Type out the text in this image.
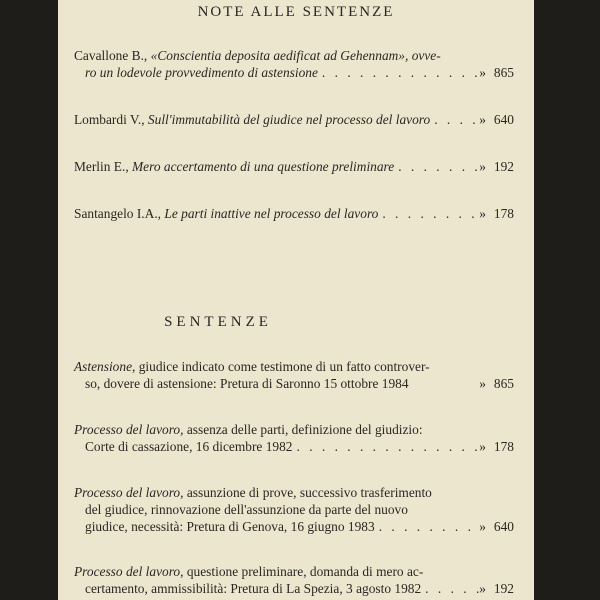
NOTE ALLE SENTENZE
Cavallone B., «Conscientia deposita aedificat ad Gehennam», ovve-
ro un lodevole provvedimento di astensione . . .	» 865
Lombardi V., Sull'immutabilità del giudice nel processo del lavoro . . .	» 640
Merlin E., Mero accertamento di una questione preliminare . . .	» 192
Santangelo I.A., Le parti inattive nel processo del lavoro . . .	» 178
SENTENZE
Astensione, giudice indicato come testimone di un fatto controver-
so, dovere di astensione: Pretura di Saronno 15 ottobre 1984	» 865
Processo del lavoro, assenza delle parti, definizione del giudizio:
Corte di cassazione, 16 dicembre 1982 . . .	» 178
Processo del lavoro, assunzione di prove, successivo trasferimento
del giudice, rinnovazione dell'assunzione da parte del nuovo
giudice, necessità: Pretura di Genova, 16 giugno 1983 . . .	» 640
Processo del lavoro, questione preliminare, domanda di mero ac-
certamento, ammissibilità: Pretura di La Spezia, 3 agosto 1982 . . .	» 192
